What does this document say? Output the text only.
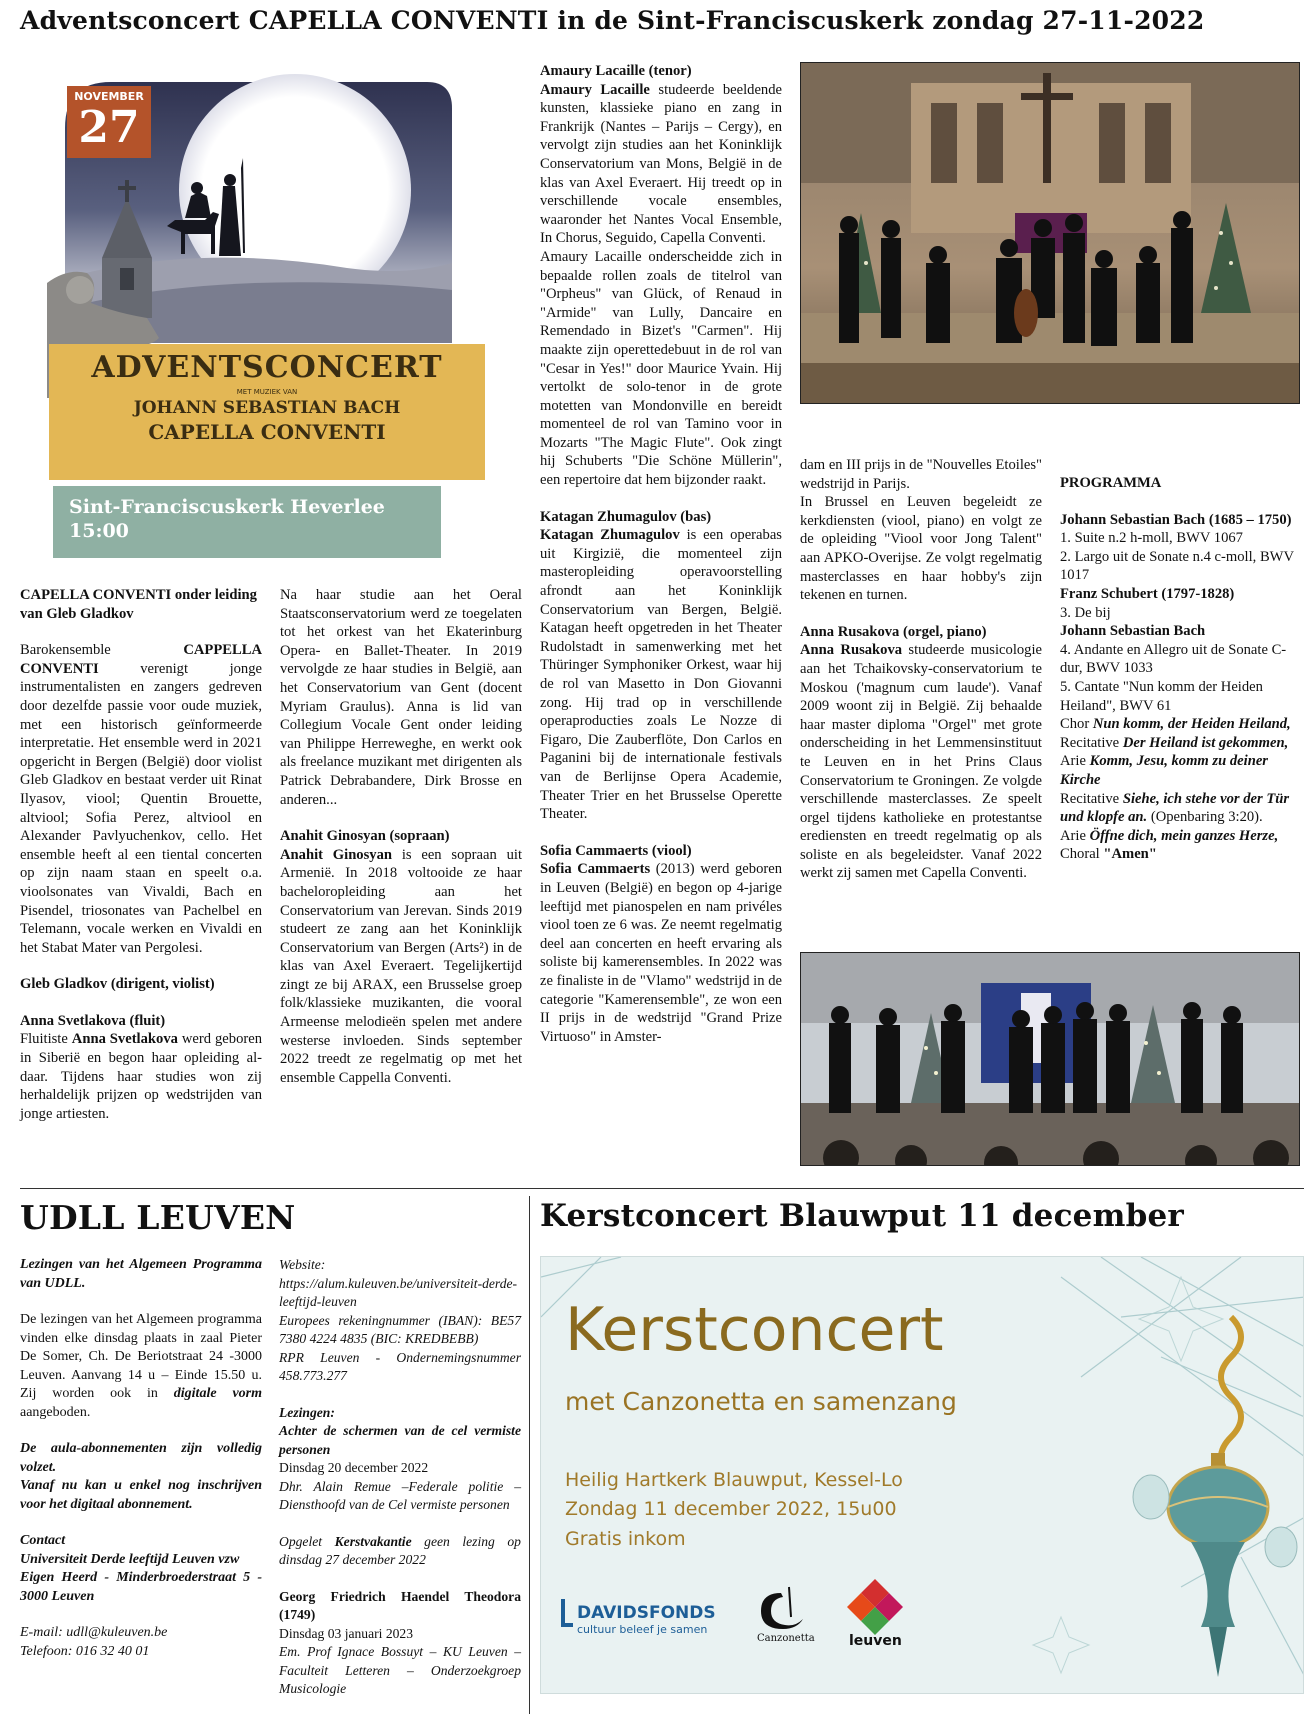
Adventsconcert CAPELLA CONVENTI in de Sint-Franciscuskerk zondag 27-11-2022
NOVEMBER
27
ADVENTSCONCERT
MET MUZIEK VAN
JOHANN SEBASTIAN BACH
CAPELLA CONVENTI
Sint-Franciscuskerk Heverlee
15:00
CAPELLA CONVENTI onder leiding van Gleb Gladkov

Barokensemble	CAPPELLA CONVENTI	verenigt jonge instrumentalisten en zangers gedreven door dezelfde passie voor oude muziek, met een historisch geïnformeerde interpretatie. Het ensemble werd in 2021 opgericht in Bergen (België) door violist Gleb Gladkov en bestaat verder uit Rinat Ilyasov, viool; Quentin Brouette, altviool; Sofia Perez, altviool en Alexander Pavlyuchenkov, cello. Het ensemble heeft al een tiental concerten op zijn naam staan en speelt o.a. vioolsonates van Vivaldi, Bach en Pisendel, triosonates van Pachelbel en Telemann, vocale werken en Vivaldi en het Stabat Mater van Pergolesi.

Gleb Gladkov (dirigent, violist)
Anna Svetlakova (fluit)

Fluitiste Anna Svetlakova werd geboren in Siberië en begon haar opleiding al- daar. Tijdens haar studies won zij herhaldelijk prijzen op wedstrijden van jonge artiesten.

Na haar studie aan het Oeral Staatsconservatorium werd ze toegelaten tot het orkest van het Ekaterinburg Opera- en Ballet-Theater. In 2019 vervolgde ze haar studies in België, aan het Conservatorium van Gent (docent Myriam Graulus). Anna is lid van Collegium Vocale Gent onder leiding van Philippe Herreweghe, en werkt ook als freelance muzikant met dirigenten als Patrick Debrabandere, Dirk Brosse en anderen...

Anahit Ginosyan (sopraan)

Anahit Ginosyan is een sopraan uit Armenië. In 2018 voltooide ze haar bacheloropleiding aan het Conservatorium van Jerevan. Sinds 2019 studeert ze zang aan het Koninklijk Conservatorium van Bergen (Arts²) in de klas van Axel Everaert. Tegelijkertijd zingt ze bij ARAX, een Brusselse groep folk/klassieke muzikanten, die vooral Armeense melodieën spelen met andere westerse invloeden. Sinds september 2022 treedt ze regelmatig op met het ensemble Cappella Conventi.

Amaury Lacaille (tenor)

Amaury Lacaille studeerde beeldende kunsten, klassieke piano en zang in Frankrijk (Nantes – Parijs – Cergy), en vervolgt zijn studies aan het Koninklijk Conservatorium van Mons, België in de klas van Axel Everaert. Hij treedt op in verschillende vocale ensembles, waaronder het Nantes Vocal Ensemble, In Chorus, Seguido, Capella Conventi.

Amaury Lacaille onderscheidde zich in bepaalde rollen zoals de titelrol van "Orpheus" van Glück, of Renaud in "Armide" van Lully, Dancaire en Remendado in Bizet's "Carmen". Hij maakte zijn operettedebuut in de rol van "Cesar in Yes!" door Maurice Yvain. Hij vertolkt de solo-tenor in de grote motetten van Mondonville en bereidt momenteel de rol van Tamino voor in Mozarts "The Magic Flute". Ook zingt hij Schuberts "Die Schöne Müllerin", een repertoire dat hem bijzonder raakt.

Katagan Zhumagulov (bas)

Katagan Zhumagulov is een operabas uit Kirgizië, die momenteel zijn masteropleiding operavoorstelling afrondt aan het Koninklijk Conservatorium van Bergen, België. Katagan heeft opgetreden in het Theater Rudolstadt in samenwerking met het Thüringer Symphoniker Orkest, waar hij de rol van Masetto in Don Giovanni zong. Hij trad op in verschillende operaproducties zoals Le Nozze di Figaro, Die Zauberflöte, Don Carlos en Paganini bij de internationale festivals van de Berlijnse Opera Academie, Theater Trier en het Brusselse Operette Theater.

Sofia Cammaerts (viool)

Sofia Cammaerts (2013) werd geboren in Leuven (België) en begon op 4-jarige leeftijd met pianospelen en nam privéles viool toen ze 6 was. Ze neemt regelmatig deel aan concerten en heeft ervaring als soliste bij kamerensembles. In 2022 was ze finaliste in de "Vlamo" wedstrijd in de categorie "Kamerensemble", ze won een II prijs in de wedstrijd "Grand Prize Virtuoso" in Amster-

dam en III prijs in de "Nouvelles Etoiles" wedstrijd in Parijs.

In Brussel en Leuven begeleidt ze kerkdiensten (viool, piano) en volgt ze de opleiding "Viool voor Jong Talent" aan APKO-Overijse. Ze volgt regelmatig masterclasses en haar hobby's zijn tekenen en turnen.

Anna Rusakova (orgel, piano)

Anna Rusakova studeerde musicologie aan het Tchaikovsky-conservatorium te Moskou ('magnum cum laude'). Vanaf 2009 woont zij in België. Zij behaalde haar master diploma "Orgel" met grote onderscheiding in het Lemmensinstituut te Leuven en in het Prins Claus Conservatorium te Groningen. Ze volgde verschillende masterclasses. Ze speelt orgel tijdens katholieke en protestantse erediensten en treedt regelmatig op als soliste en als begeleidster. Vanaf 2022 werkt zij samen met Capella Conventi.

PROGRAMMA
Johann Sebastian Bach (1685 – 1750)

1. Suite n.2 h-moll, BWV 1067

2. Largo uit de Sonate n.4 c-moll, BWV 1017

Franz Schubert (1797-1828)

3. De bij

Johann Sebastian Bach

4. Andante en Allegro uit de Sonate C-dur, BWV 1033

5. Cantate "Nun komm der Heiden Heiland", BWV 61

Chor Nun komm, der Heiden Heiland,

Recitative Der Heiland ist gekommen,

Arie Komm, Jesu, komm zu deiner Kirche

Recitative Siehe, ich stehe vor der Tür und klopfe an. (Openbaring 3:20).

Arie Öffne dich, mein ganzes Herze,

Choral "Amen"

UDLL LEUVEN

Lezingen van het Algemeen Programma van UDLL.

De lezingen van het Algemeen programma vinden elke dinsdag plaats in zaal Pieter De Somer, Ch. De Beriotstraat 24 -3000 Leuven. Aanvang 14 u – Einde 15.50 u. Zij worden ook in digitale vorm aangeboden.

De aula-abonnementen zijn volledig volzet.

Vanaf nu kan u enkel nog inschrijven voor het digitaal abonnement.

Contact

Universiteit Derde leeftijd Leuven vzw

Eigen Heerd - Minderbroederstraat 5 - 3000 Leuven

E-mail: udll@kuleuven.be

Telefoon: 016 32 40 01

Website: https://alum.kuleuven.be/universiteit-derde-leeftijd-leuven

Europees rekeningnummer (IBAN): BE57 7380 4224 4835 (BIC: KREDBEBB)

RPR Leuven - Ondernemingsnummer 458.773.277

Lezingen:

Achter de schermen van de cel vermiste personen

Dinsdag 20 december 2022

Dhr. Alain Remue –Federale politie – Diensthoofd van de Cel vermiste personen

Opgelet Kerstvakantie geen lezing op dinsdag 27 december 2022

Georg Friedrich Haendel Theodora (1749)

Dinsdag 03 januari 2023

Em. Prof Ignace Bossuyt – KU Leuven – Faculteit Letteren – Onderzoekgroep Musicologie

Kerstconcert Blauwput 11 december
Kerstconcert
met Canzonetta en samenzang
Heilig Hartkerk Blauwput, Kessel-Lo
Zondag 11 december 2022, 15u00
Gratis inkom
DAVIDSFONDS
cultuur beleef je samen
Canzonetta leuven
